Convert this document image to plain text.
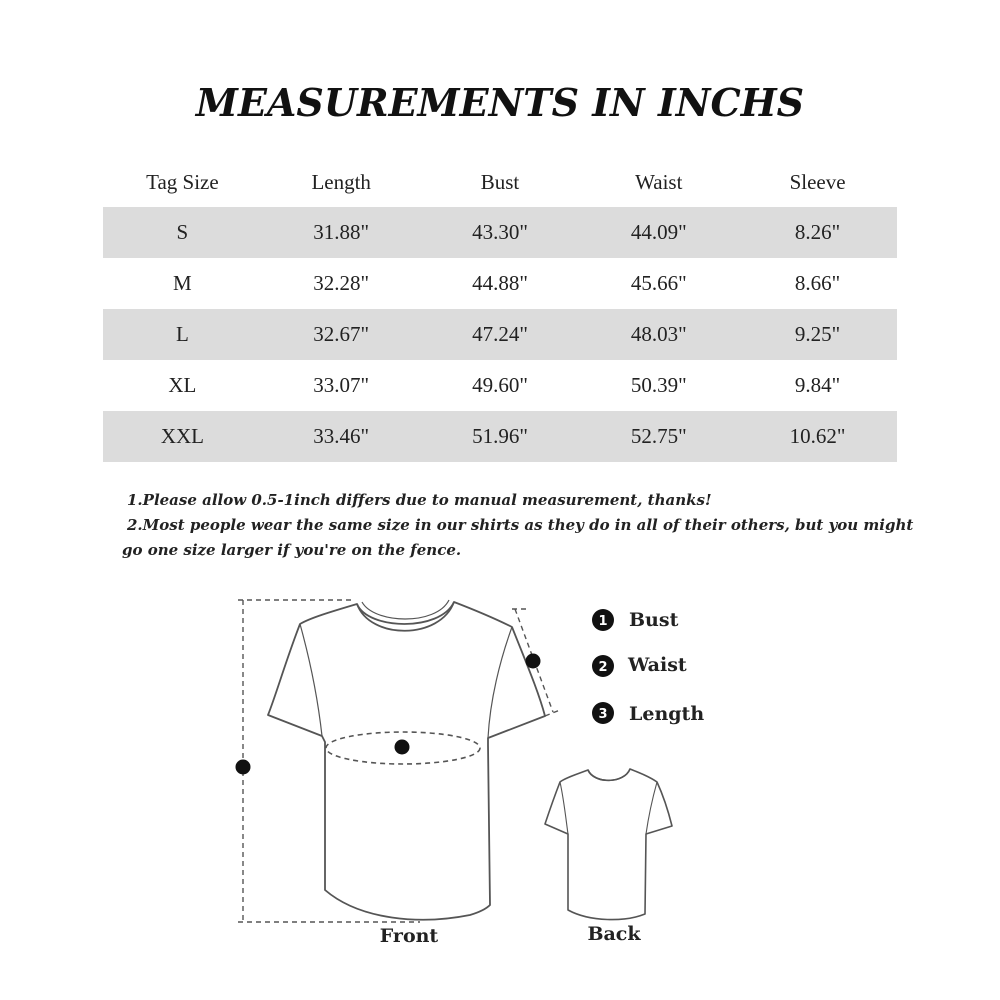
MEASUREMENTS IN INCHS
Tag Size	Length	Bust	Waist	Sleeve
S	31.88"	43.30"	44.09"	8.26"
M	32.28"	44.88"	45.66"	8.66"
L	32.67"	47.24"	48.03"	9.25"
XL	33.07"	49.60"	50.39"	9.84"
XXL	33.46"	51.96"	52.75"	10.62"
1.Please allow 0.5-1inch differs due to manual measurement, thanks!
2.Most people wear the same size in our shirts as they do in all of their others, but you might
go one size larger if you're on the fence.
Front	Back
1 Bust
2 Waist
3 Length
